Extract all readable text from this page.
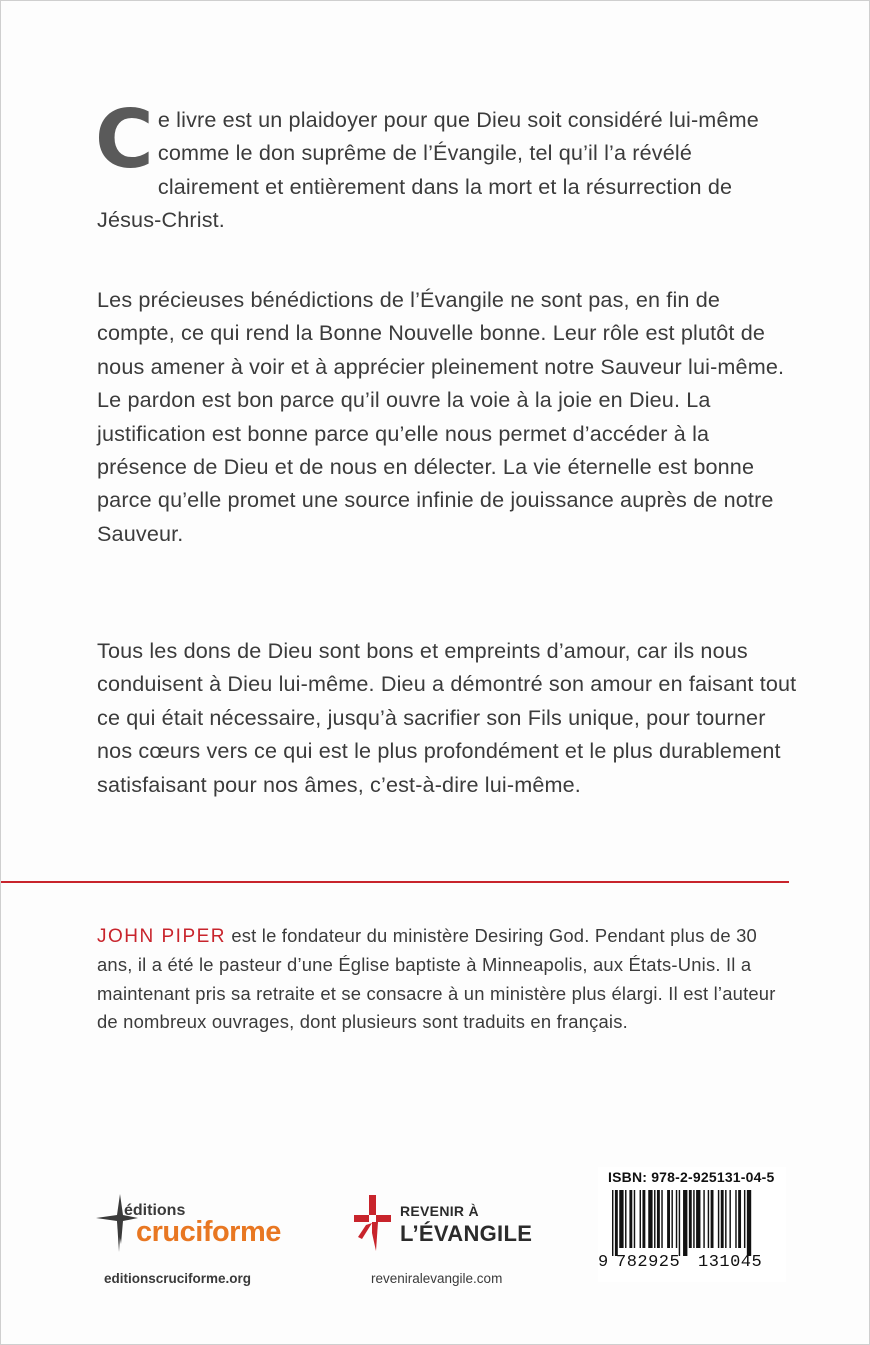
Ce livre est un plaidoyer pour que Dieu soit considéré lui-même comme le don suprême de l’Évangile, tel qu’il l’a révélé clairement et entièrement dans la mort et la résurrection de Jésus-Christ.

Les précieuses bénédictions de l’Évangile ne sont pas, en fin de compte, ce qui rend la Bonne Nouvelle bonne. Leur rôle est plutôt de nous amener à voir et à apprécier pleinement notre Sauveur lui-même. Le pardon est bon parce qu’il ouvre la voie à la joie en Dieu. La justification est bonne parce qu’elle nous permet d’accéder à la présence de Dieu et de nous en délecter. La vie éternelle est bonne parce qu’elle promet une source infinie de jouissance auprès de notre Sauveur.

Tous les dons de Dieu sont bons et empreints d’amour, car ils nous conduisent à Dieu lui-même. Dieu a démontré son amour en faisant tout ce qui était nécessaire, jusqu’à sacrifier son Fils unique, pour tourner nos cœurs vers ce qui est le plus profondément et le plus durablement satisfaisant pour nos âmes, c’est-à-dire lui-même.

JOHN PIPER est le fondateur du ministère Desiring God. Pendant plus de 30 ans, il a été le pasteur d’une Église baptiste à Minneapolis, aux États-Unis. Il a maintenant pris sa retraite et se consacre à un ministère plus élargi. Il est l’auteur de nombreux ouvrages, dont plusieurs sont traduits en français.

éditions
cruciforme
editionscruciforme.org
REVENIR À
L’ÉVANGILE
reveniralevangile.com
ISBN: 978-2-925131-04-5
9 782925 131045
